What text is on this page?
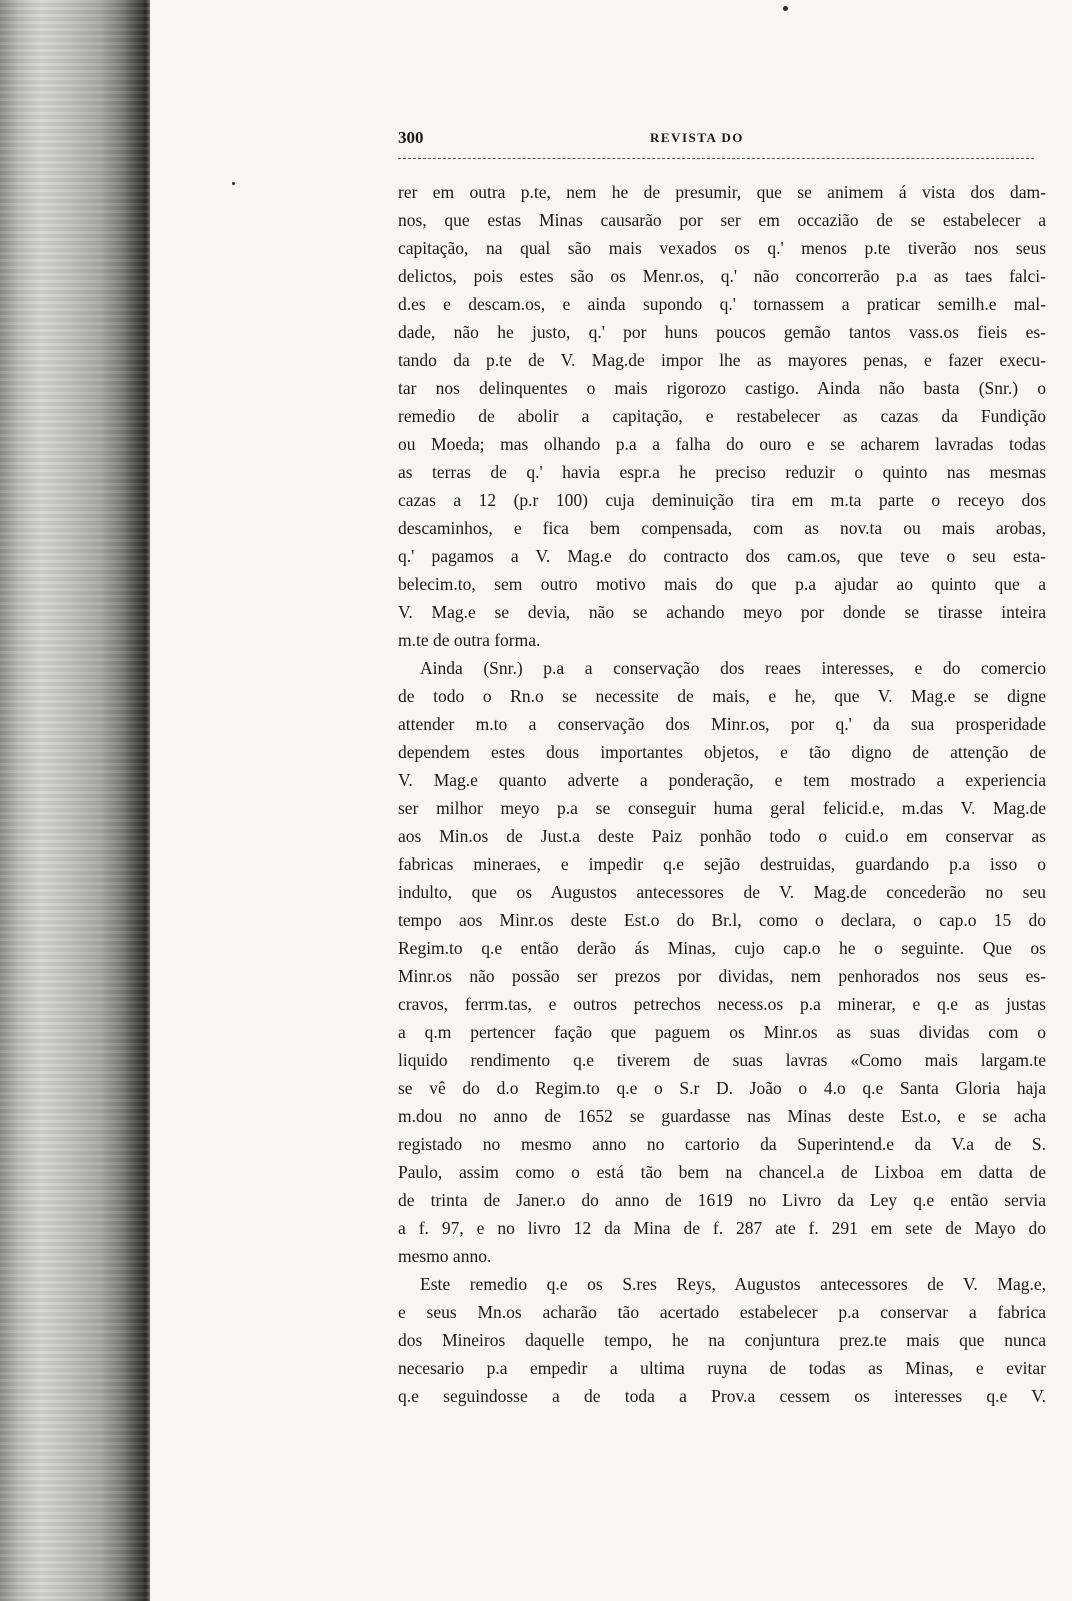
300	REVISTA DO
rer em outra p.te, nem he de presumir, que se animem á vista dos dam-
nos, que estas Minas causarão por ser em occazião de se estabelecer a
capitação, na qual são mais vexados os q.' menos p.te tiverão nos seus
delictos, pois estes são os Menr.os, q.' não concorrerão p.a as taes falci-
d.es e descam.os, e ainda supondo q.' tornassem a praticar semilh.e mal-
dade, não he justo, q.' por huns poucos gemão tantos vass.os fieis es-
tando da p.te de V. Mag.de impor lhe as mayores penas, e fazer execu-
tar nos delinquentes o mais rigorozo castigo. Ainda não basta (Snr.) o
remedio de abolir a capitação, e restabelecer as cazas da Fundição
ou Moeda; mas olhando p.a a falha do ouro e se acharem lavradas todas
as terras de q.' havia espr.a he preciso reduzir o quinto nas mesmas
cazas a 12 (p.r 100) cuja deminuição tira em m.ta parte o receyo dos
descaminhos, e fica bem compensada, com as nov.ta ou mais arobas,
q.' pagamos a V. Mag.e do contracto dos cam.os, que teve o seu esta-
belecim.to, sem outro motivo mais do que p.a ajudar ao quinto que a
V. Mag.e se devia, não se achando meyo por donde se tirasse inteira
m.te de outra forma.
Ainda (Snr.) p.a a conservação dos reaes interesses, e do comercio
de todo o Rn.o se necessite de mais, e he, que V. Mag.e se digne
attender m.to a conservação dos Minr.os, por q.' da sua prosperidade
dependem estes dous importantes objetos, e tão digno de attenção de
V. Mag.e quanto adverte a ponderação, e tem mostrado a experiencia
ser milhor meyo p.a se conseguir huma geral felicid.e, m.das V. Mag.de
aos Min.os de Just.a deste Paiz ponhão todo o cuid.o em conservar as
fabricas mineraes, e impedir q.e sejão destruidas, guardando p.a isso o
indulto, que os Augustos antecessores de V. Mag.de concederão no seu
tempo aos Minr.os deste Est.o do Br.l, como o declara, o cap.o 15 do
Regim.to q.e então derão ás Minas, cujo cap.o he o seguinte. Que os
Minr.os não possão ser prezos por dividas, nem penhorados nos seus es-
cravos, ferrm.tas, e outros petrechos necess.os p.a minerar, e q.e as justas
a q.m pertencer fação que paguem os Minr.os as suas dividas com o
liquido rendimento q.e tiverem de suas lavras «Como mais largam.te
se vê do d.o Regim.to q.e o S.r D. João o 4.o q.e Santa Gloria haja
m.dou no anno de 1652 se guardasse nas Minas deste Est.o, e se acha
registado no mesmo anno no cartorio da Superintend.e da V.a de S.
Paulo, assim como o está tão bem na chancel.a de Lixboa em datta de
de trinta de Janer.o do anno de 1619 no Livro da Ley q.e então servia
a f. 97, e no livro 12 da Mina de f. 287 ate f. 291 em sete de Mayo do
mesmo anno.
Este remedio q.e os S.res Reys, Augustos antecessores de V. Mag.e,
e seus Mn.os acharão tão acertado estabelecer p.a conservar a fabrica
dos Mineiros daquelle tempo, he na conjuntura prez.te mais que nunca
necesario p.a empedir a ultima ruyna de todas as Minas, e evitar
q.e seguindosse a de toda a Prov.a cessem os interesses q.e V.
